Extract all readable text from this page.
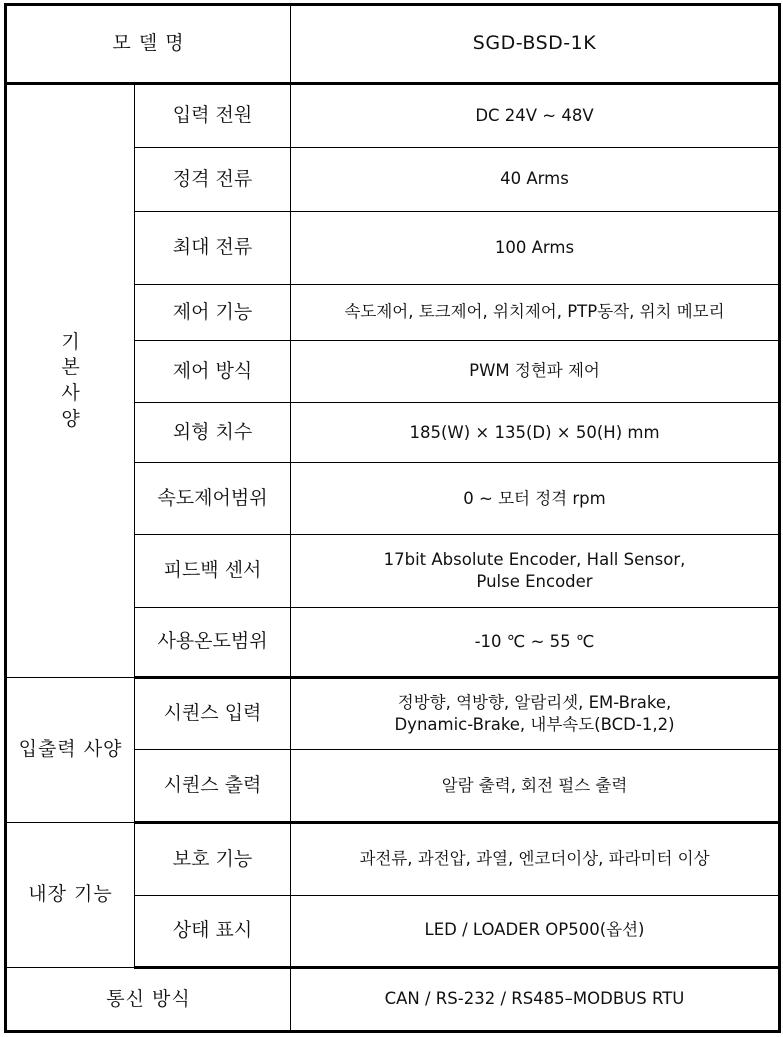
모 델 명		SGD-BSD-1K

기
본
사
양	입력 전원	DC 24V ~ 48V
	정격 전류	40 Arms
	최대 전류	100 Arms
	제어 기능	속도제어, 토크제어, 위치제어, PTP동작, 위치 메모리
	제어 방식	PWM 정현파 제어
	외형 치수	185(W) × 135(D) × 50(H) mm
	속도제어범위	0 ~ 모터 정격 rpm
	피드백 센서	17bit Absolute Encoder, Hall Sensor,
Pulse Encoder

	사용온도범위	-10 ℃ ~ 55 ℃
입출력 사양	시퀀스 입력	정방향, 역방향, 알람리셋, EM-Brake,
Dynamic-Brake, 내부속도(BCD-1,2)

	시퀀스 출력	알람 출력, 회전 펄스 출력
내장 기능	보호 기능	과전류, 과전압, 과열, 엔코더이상, 파라미터 이상
	상태 표시	LED / LOADER OP500(옵션)
통신 방식		CAN / RS-232 / RS485–MODBUS RTU
